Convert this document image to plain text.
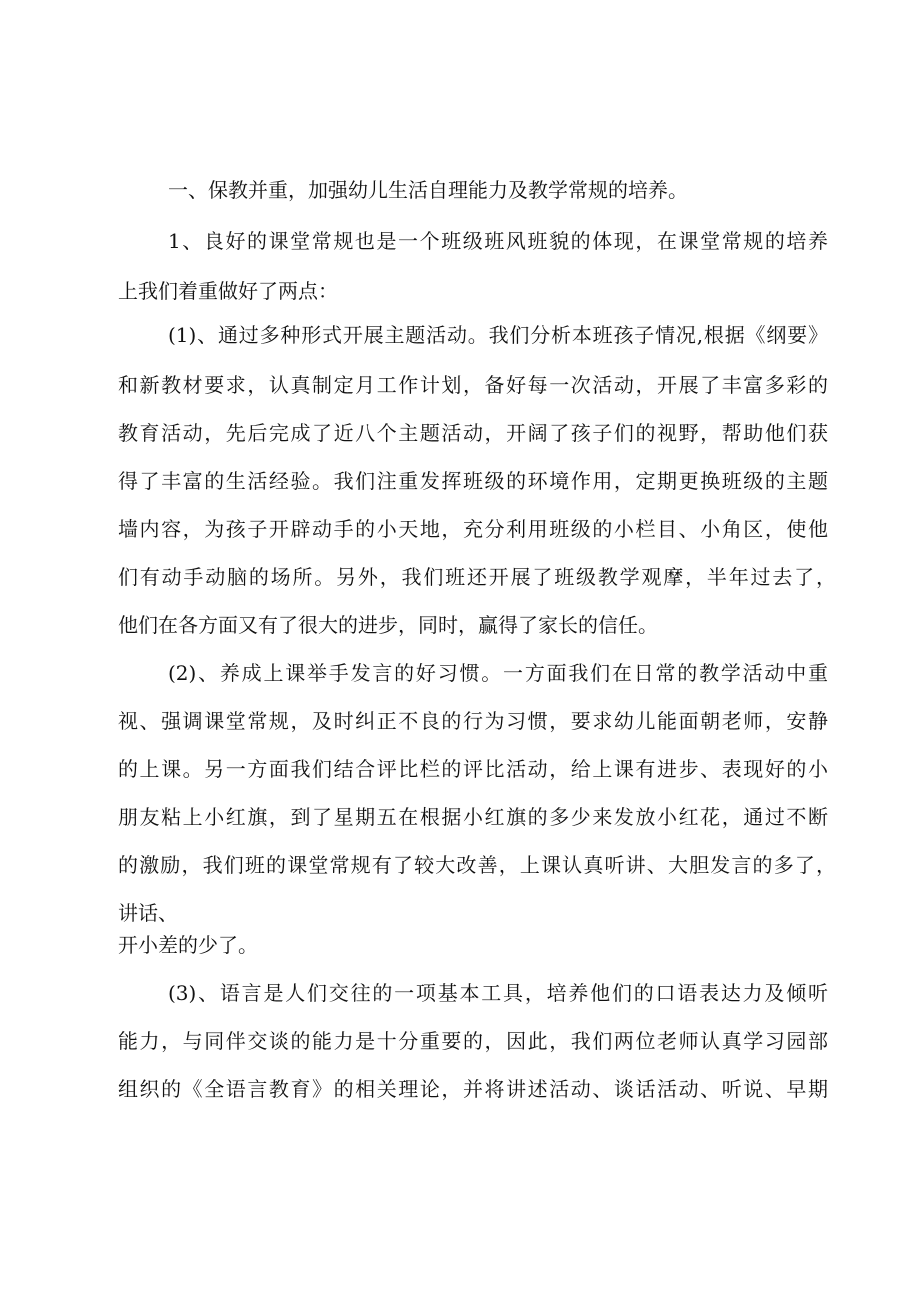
一、保教并重，加强幼儿生活自理能力及教学常规的培养。
1、良好的课堂常规也是一个班级班风班貌的体现，在课堂常规的培养
上我们着重做好了两点：
(1)、通过多种形式开展主题活动。我们分析本班孩子情况,根据《纲要》
和新教材要求，认真制定月工作计划，备好每一次活动，开展了丰富多彩的
教育活动，先后完成了近八个主题活动，开阔了孩子们的视野，帮助他们获
得了丰富的生活经验。我们注重发挥班级的环境作用，定期更换班级的主题
墙内容，为孩子开辟动手的小天地，充分利用班级的小栏目、小角区，使他
们有动手动脑的场所。另外，我们班还开展了班级教学观摩，半年过去了，
他们在各方面又有了很大的进步，同时，赢得了家长的信任。
(2)、养成上课举手发言的好习惯。一方面我们在日常的教学活动中重
视、强调课堂常规，及时纠正不良的行为习惯，要求幼儿能面朝老师，安静
的上课。另一方面我们结合评比栏的评比活动，给上课有进步、表现好的小
朋友粘上小红旗，到了星期五在根据小红旗的多少来发放小红花，通过不断
的激励，我们班的课堂常规有了较大改善，上课认真听讲、大胆发言的多了，
讲话、
开小差的少了。
(3)、语言是人们交往的一项基本工具，培养他们的口语表达力及倾听
能力，与同伴交谈的能力是十分重要的，因此，我们两位老师认真学习园部
组织的《全语言教育》的相关理论，并将讲述活动、谈话活动、听说、早期
